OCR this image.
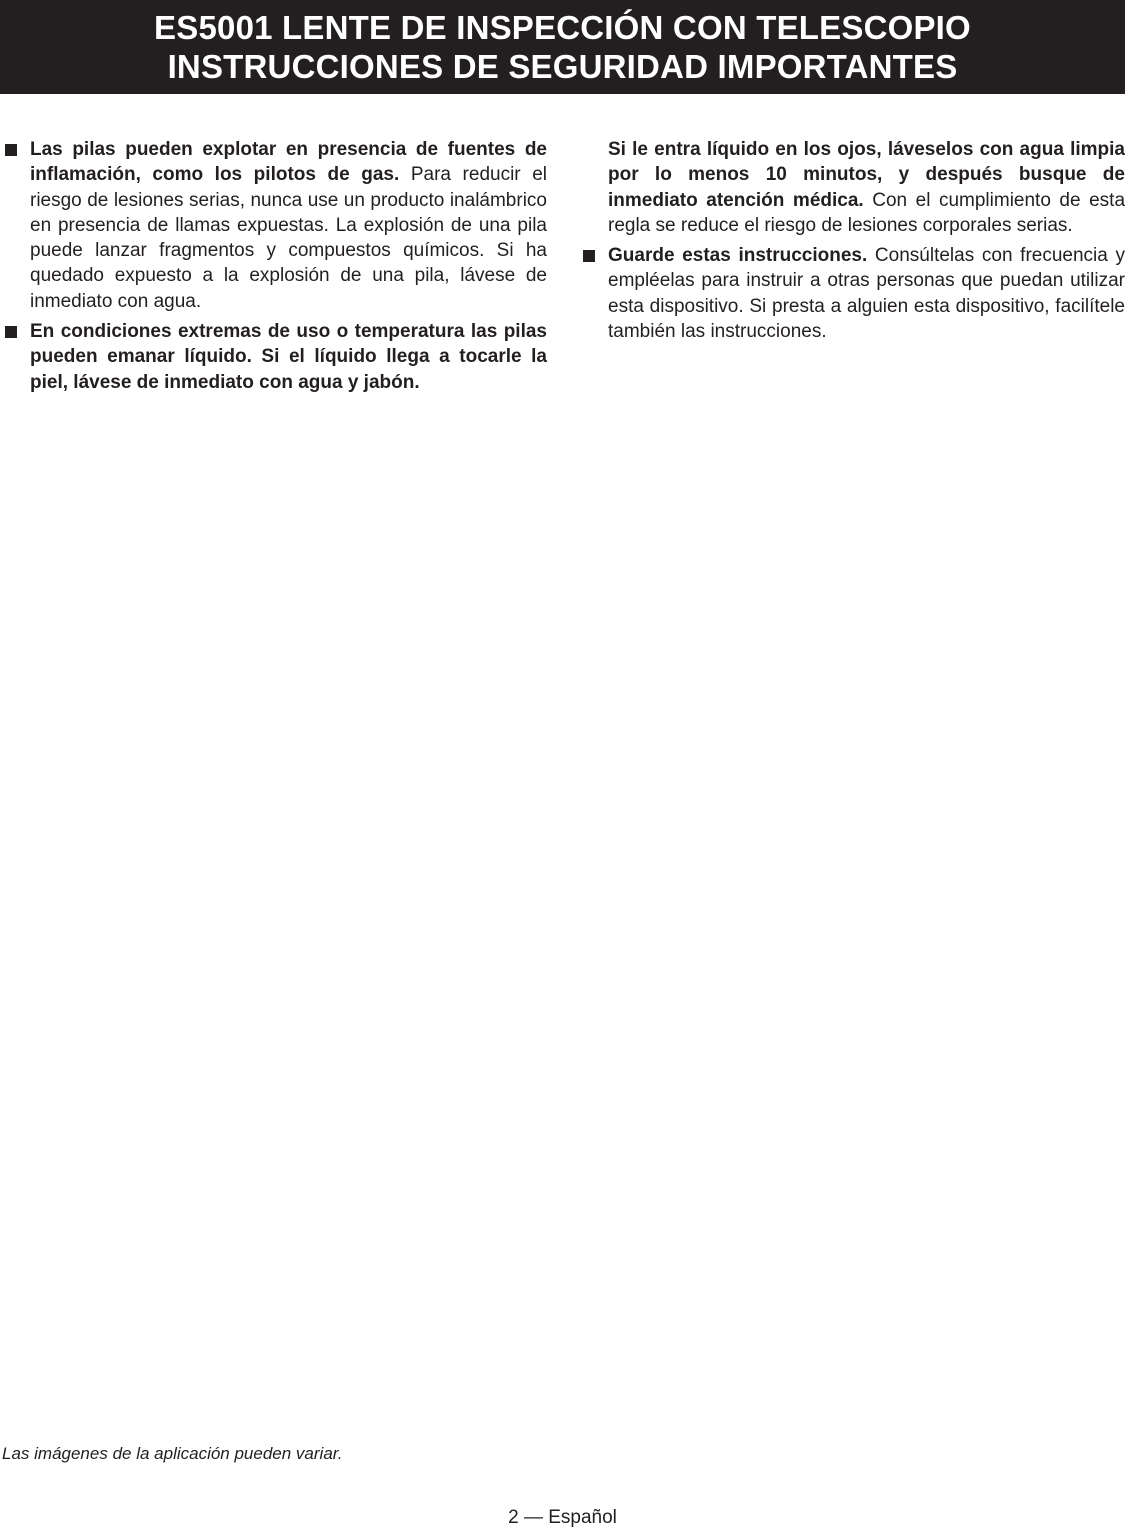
ES5001 LENTE DE INSPECCIÓN CON TELESCOPIO
INSTRUCCIONES DE SEGURIDAD IMPORTANTES

Las pilas pueden explotar en presencia de fuentes de inflamación, como los pilotos de gas. Para reducir el riesgo de lesiones serias, nunca use un producto inalámbrico en presencia de llamas expuestas. La explosión de una pila puede lanzar fragmentos y compuestos químicos. Si ha quedado expuesto a la explosión de una pila, lávese de inmediato con agua.

En condiciones extremas de uso o temperatura las pilas pueden emanar líquido. Si el líquido llega a tocarle la piel, lávese de inmediato con agua y jabón.

Si le entra líquido en los ojos, láveselos con agua limpia por lo menos 10 minutos, y después busque de inmediato atención médica. Con el cumplimiento de esta regla se reduce el riesgo de lesiones corporales serias.

Guarde estas instrucciones. Consúltelas con frecuencia y empléelas para instruir a otras personas que puedan utilizar esta dispositivo. Si presta a alguien esta dispositivo, facilítele también las instrucciones.

Las imágenes de la aplicación pueden variar.
2 — Español
